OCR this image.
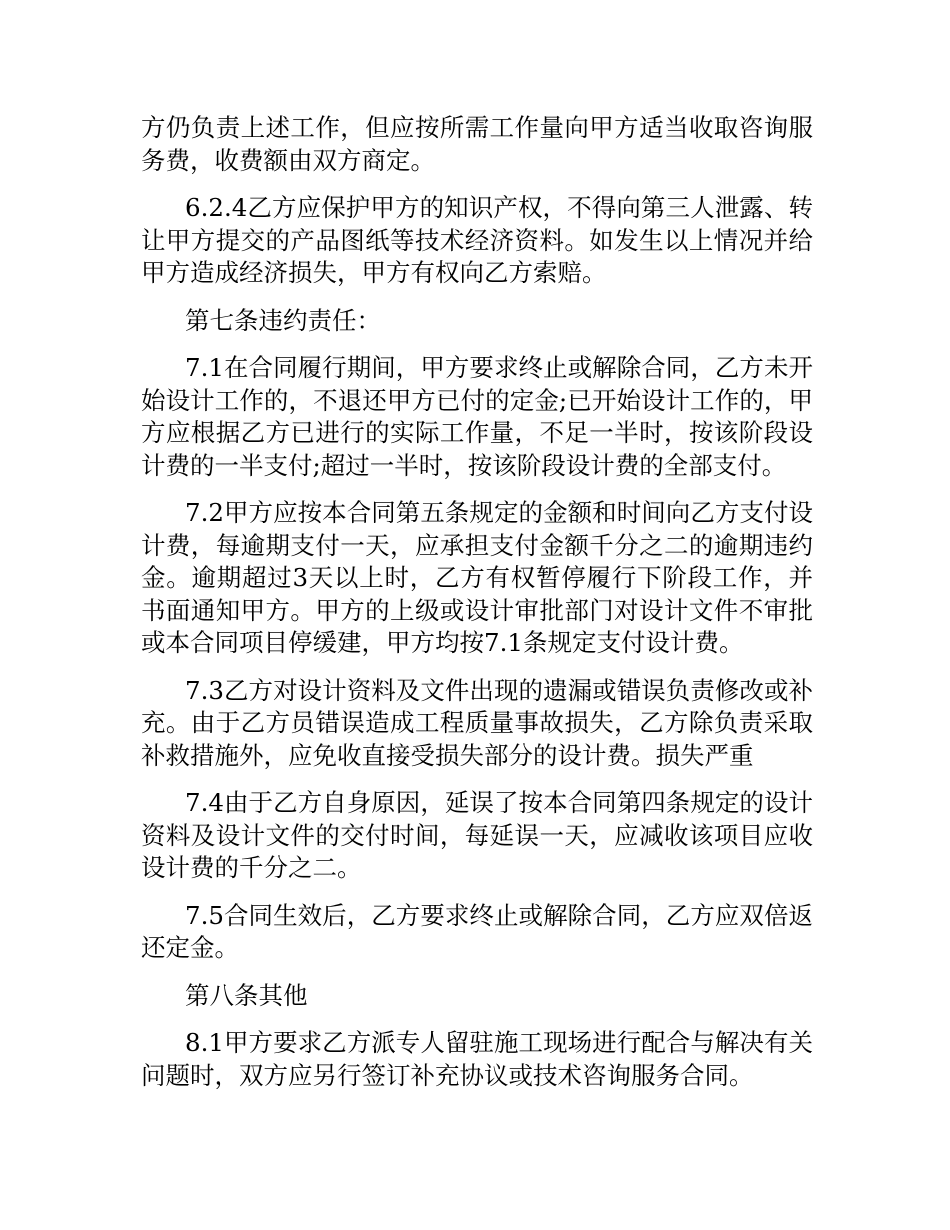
方仍负责上述工作，但应按所需工作量向甲方适当收取咨询服务费，收费额由双方商定。

6.2.4乙方应保护甲方的知识产权，不得向第三人泄露、转让甲方提交的产品图纸等技术经济资料。如发生以上情况并给甲方造成经济损失，甲方有权向乙方索赔。

第七条违约责任：

7.1在合同履行期间，甲方要求终止或解除合同，乙方未开始设计工作的，不退还甲方已付的定金;已开始设计工作的，甲方应根据乙方已进行的实际工作量，不足一半时，按该阶段设计费的一半支付;超过一半时，按该阶段设计费的全部支付。

7.2甲方应按本合同第五条规定的金额和时间向乙方支付设计费，每逾期支付一天，应承担支付金额千分之二的逾期违约金。逾期超过3天以上时，乙方有权暂停履行下阶段工作，并书面通知甲方。甲方的上级或设计审批部门对设计文件不审批或本合同项目停缓建，甲方均按7.1条规定支付设计费。

7.3乙方对设计资料及文件出现的遗漏或错误负责修改或补充。由于乙方员错误造成工程质量事故损失，乙方除负责采取补救措施外，应免收直接受损失部分的设计费。损失严重

7.4由于乙方自身原因，延误了按本合同第四条规定的设计资料及设计文件的交付时间，每延误一天，应减收该项目应收设计费的千分之二。

7.5合同生效后，乙方要求终止或解除合同，乙方应双倍返还定金。

第八条其他

8.1甲方要求乙方派专人留驻施工现场进行配合与解决有关问题时，双方应另行签订补充协议或技术咨询服务合同。
